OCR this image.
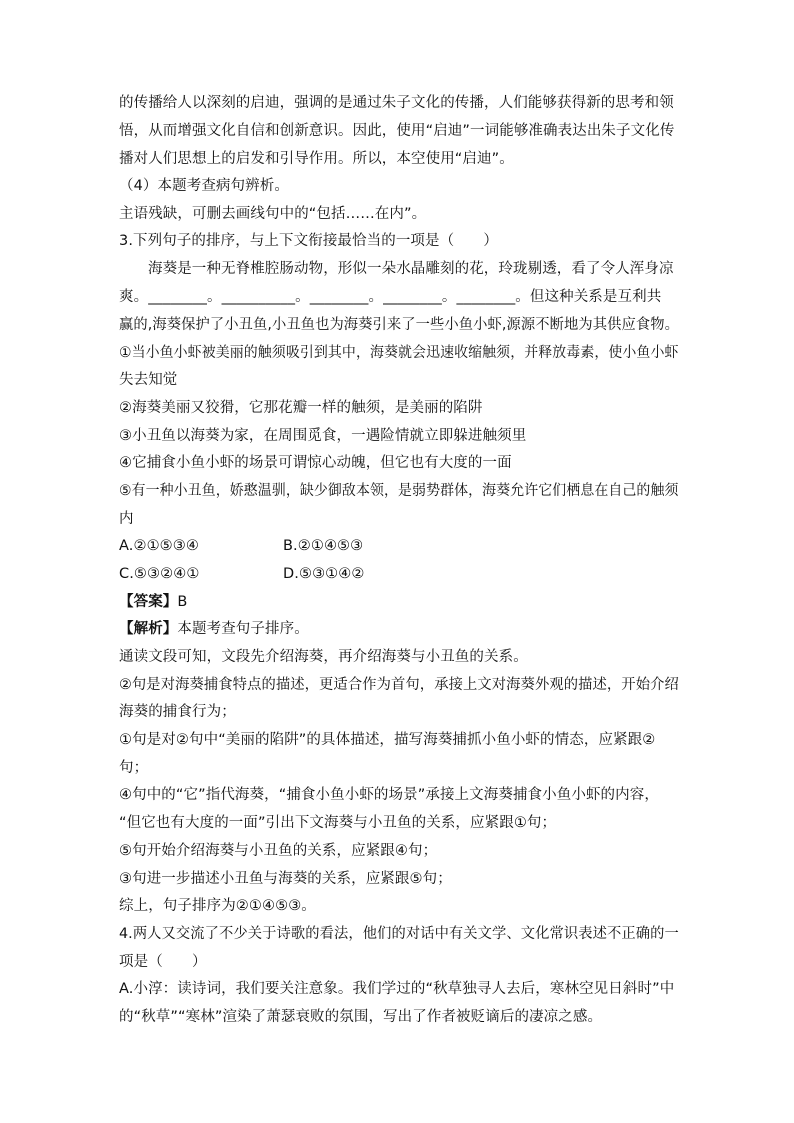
的传播给人以深刻的启迪，强调的是通过朱子文化的传播，人们能够获得新的思考和领
悟，从而增强文化自信和创新意识。因此，使用“启迪”一词能够准确表达出朱子文化传
播对人们思想上的启发和引导作用。所以，本空使用“启迪”。
（4）本题考查病句辨析。
主语残缺，可删去画线句中的“包括……在内”。
3.下列句子的排序，与上下文衔接最恰当的一项是（　　）
海葵是一种无脊椎腔肠动物，形似一朵水晶雕刻的花，玲珑剔透，看了令人浑身凉
爽。________。__________。________。________。________。但这种关系是互利共
赢的,海葵保护了小丑鱼,小丑鱼也为海葵引来了一些小鱼小虾,源源不断地为其供应食物。
①当小鱼小虾被美丽的触须吸引到其中，海葵就会迅速收缩触须，并释放毒素，使小鱼小虾
失去知觉
②海葵美丽又狡猾，它那花瓣一样的触须，是美丽的陷阱
③小丑鱼以海葵为家，在周围觅食，一遇险情就立即躲进触须里
④它捕食小鱼小虾的场景可谓惊心动魄，但它也有大度的一面
⑤有一种小丑鱼，娇憨温驯，缺少御敌本领，是弱势群体，海葵允许它们栖息在自己的触须
内
A.②①⑤③④	B.②①④⑤③
C.⑤③②④①	D.⑤③①④②
【答案】B
【解析】本题考查句子排序。
通读文段可知，文段先介绍海葵，再介绍海葵与小丑鱼的关系。
②句是对海葵捕食特点的描述，更适合作为首句，承接上文对海葵外观的描述，开始介绍
海葵的捕食行为；
①句是对②句中“美丽的陷阱”的具体描述，描写海葵捕抓小鱼小虾的情态，应紧跟②
句；
④句中的“它”指代海葵，“捕食小鱼小虾的场景”承接上文海葵捕食小鱼小虾的内容，
“但它也有大度的一面”引出下文海葵与小丑鱼的关系，应紧跟①句；
⑤句开始介绍海葵与小丑鱼的关系，应紧跟④句；
③句进一步描述小丑鱼与海葵的关系，应紧跟⑤句；
综上，句子排序为②①④⑤③。
4.两人又交流了不少关于诗歌的看法，他们的对话中有关文学、文化常识表述不正确的一
项是（　　）
A.小淳：读诗词，我们要关注意象。我们学过的“秋草独寻人去后，寒林空见日斜时”中
的“秋草”“寒林”渲染了萧瑟衰败的氛围，写出了作者被贬谪后的凄凉之感。
